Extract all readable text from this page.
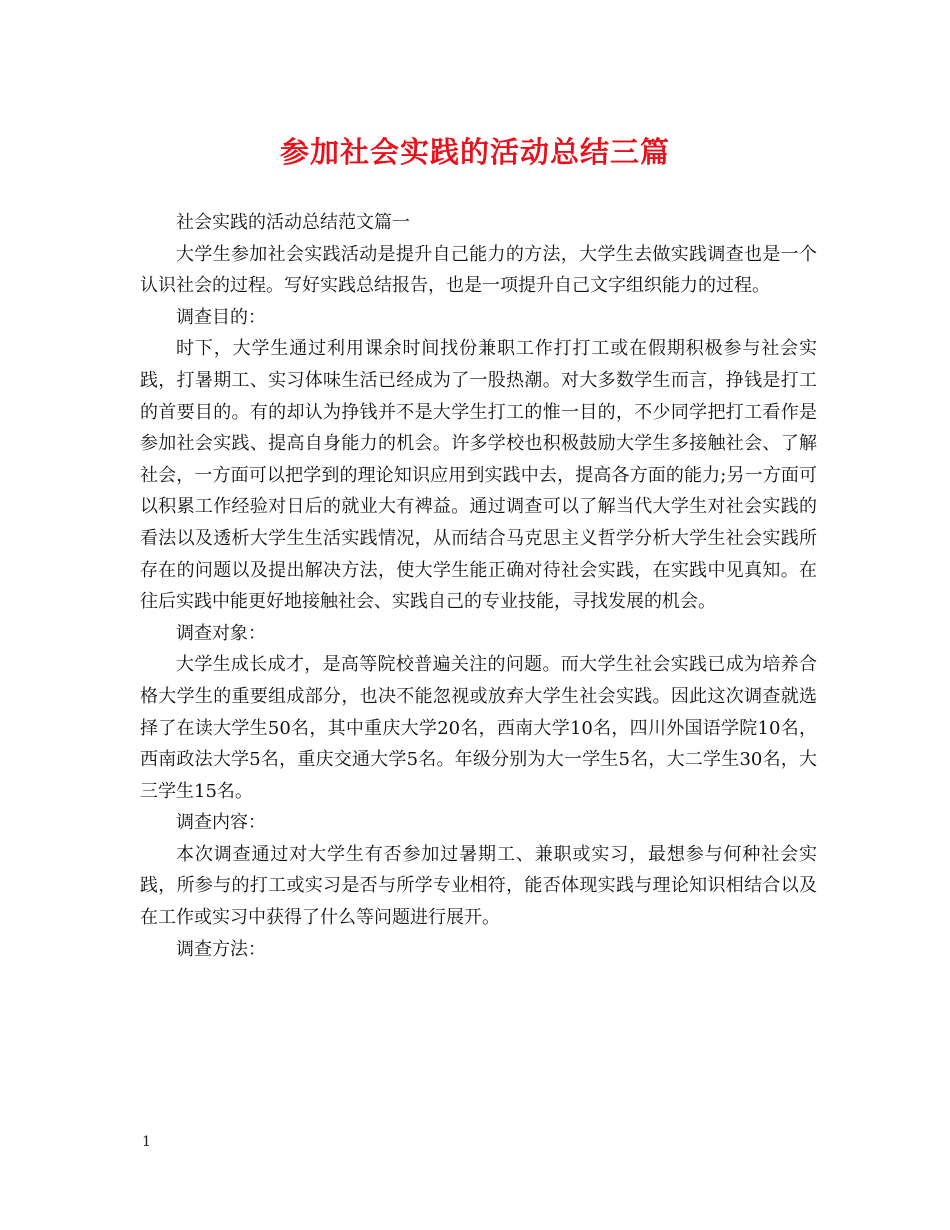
参加社会实践的活动总结三篇

社会实践的活动总结范文篇一

大学生参加社会实践活动是提升自己能力的方法，大学生去做实践调查也是一个认识社会的过程。写好实践总结报告，也是一项提升自己文字组织能力的过程。

调查目的：

时下，大学生通过利用课余时间找份兼职工作打打工或在假期积极参与社会实践，打暑期工、实习体味生活已经成为了一股热潮。对大多数学生而言，挣钱是打工的首要目的。有的却认为挣钱并不是大学生打工的惟一目的，不少同学把打工看作是参加社会实践、提高自身能力的机会。许多学校也积极鼓励大学生多接触社会、了解社会，一方面可以把学到的理论知识应用到实践中去，提高各方面的能力;另一方面可以积累工作经验对日后的就业大有裨益。通过调查可以了解当代大学生对社会实践的看法以及透析大学生生活实践情况，从而结合马克思主义哲学分析大学生社会实践所存在的问题以及提出解决方法，使大学生能正确对待社会实践，在实践中见真知。在往后实践中能更好地接触社会、实践自己的专业技能，寻找发展的机会。

调查对象：

大学生成长成才，是高等院校普遍关注的问题。而大学生社会实践已成为培养合格大学生的重要组成部分，也决不能忽视或放弃大学生社会实践。因此这次调查就选择了在读大学生50名，其中重庆大学20名，西南大学10名，四川外国语学院10名，西南政法大学5名，重庆交通大学5名。年级分别为大一学生5名，大二学生30名，大三学生15名。

调查内容：

本次调查通过对大学生有否参加过暑期工、兼职或实习，最想参与何种社会实践，所参与的打工或实习是否与所学专业相符，能否体现实践与理论知识相结合以及在工作或实习中获得了什么等问题进行展开。

调查方法：

1
